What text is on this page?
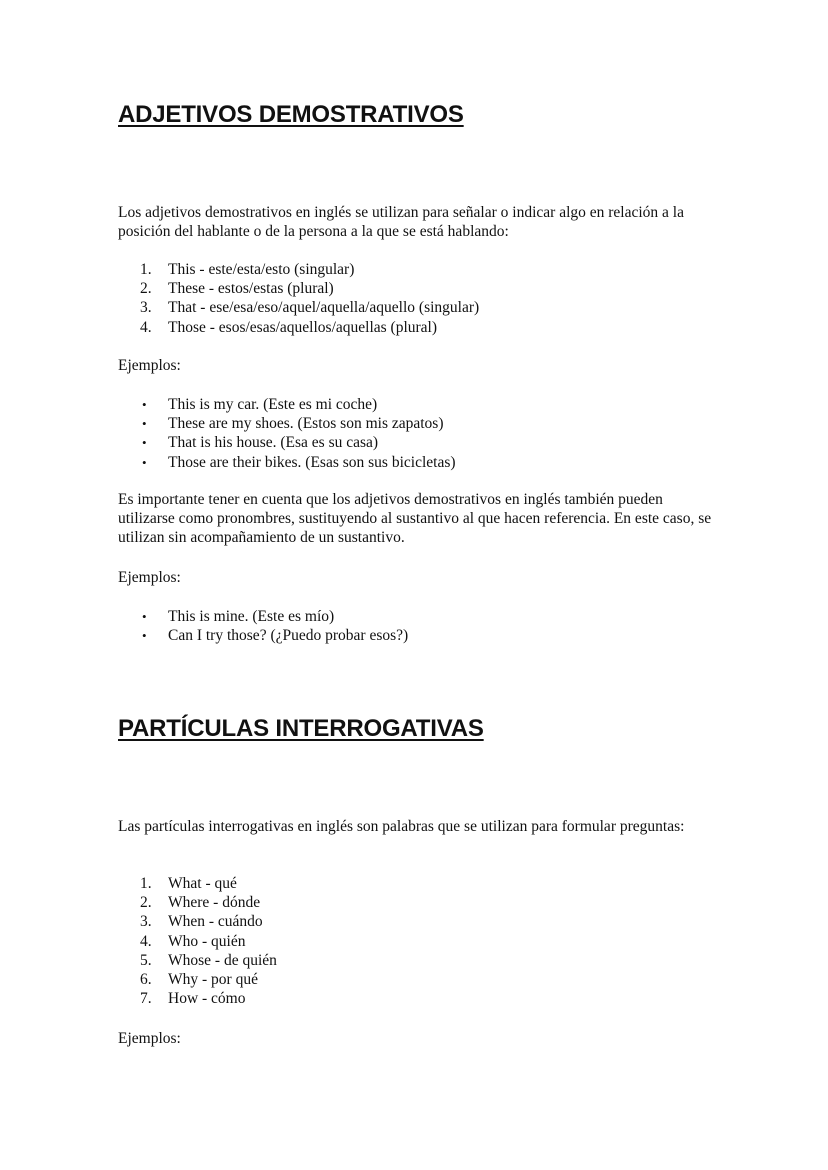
ADJETIVOS DEMOSTRATIVOS

Los adjetivos demostrativos en inglés se utilizan para señalar o indicar algo en relación a la posición del hablante o de la persona a la que se está hablando:

1. This - este/esta/esto (singular)
2. These - estos/estas (plural)
3. That - ese/esa/eso/aquel/aquella/aquello (singular)
4. Those - esos/esas/aquellos/aquellas (plural)

Ejemplos:

• This is my car. (Este es mi coche)
• These are my shoes. (Estos son mis zapatos)
• That is his house. (Esa es su casa)
• Those are their bikes. (Esas son sus bicicletas)

Es importante tener en cuenta que los adjetivos demostrativos en inglés también pueden utilizarse como pronombres, sustituyendo al sustantivo al que hacen referencia. En este caso, se utilizan sin acompañamiento de un sustantivo.

Ejemplos:

• This is mine. (Este es mío)
• Can I try those? (¿Puedo probar esos?)
PARTÍCULAS INTERROGATIVAS

Las partículas interrogativas en inglés son palabras que se utilizan para formular preguntas:

1. What - qué
2. Where - dónde
3. When - cuándo
4. Who - quién
5. Whose - de quién
6. Why - por qué
7. How - cómo

Ejemplos:
